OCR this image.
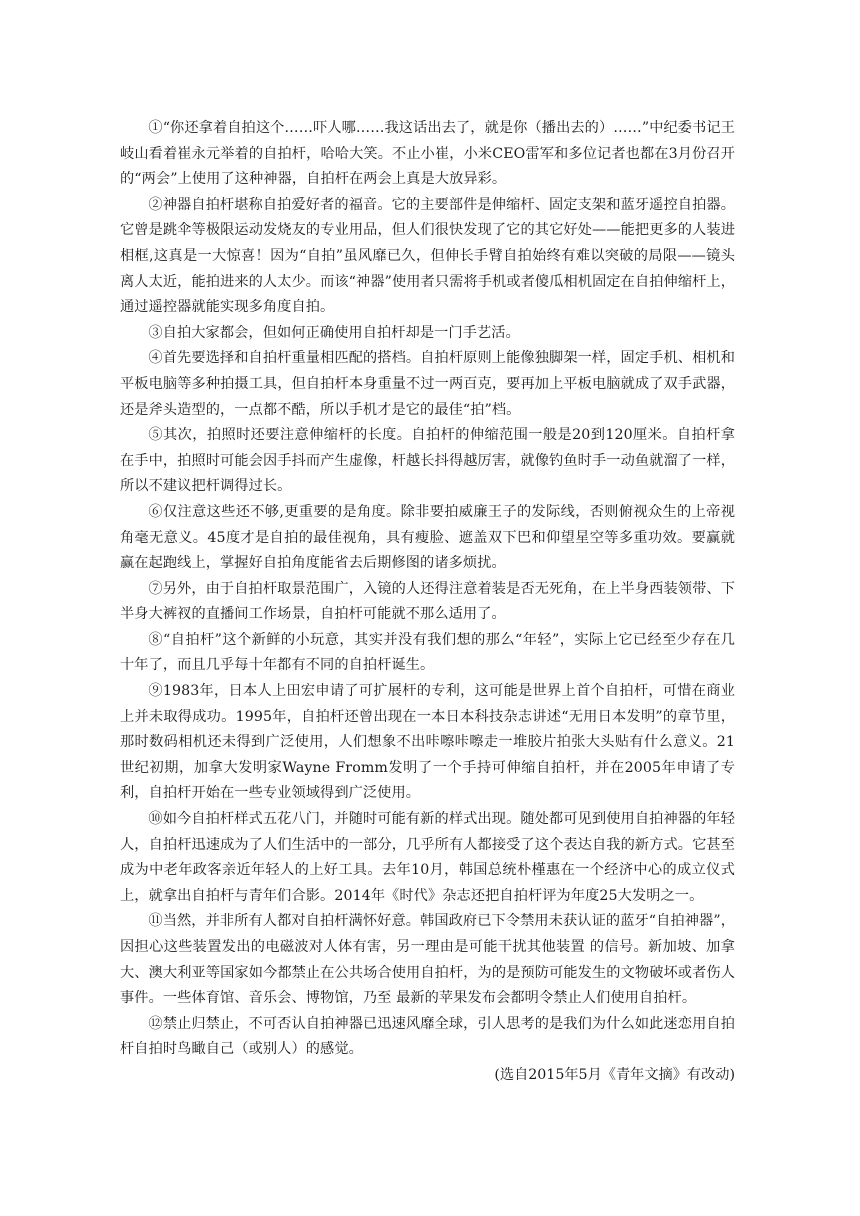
①“你还拿着自拍这个……吓人哪……我这话出去了，就是你（播出去的）……”中纪委书记王岐山看着崔永元举着的自拍杆，哈哈大笑。不止小崔，小米CEO雷军和多位记者也都在3月份召开的“两会”上使用了这种神器，自拍杆在两会上真是大放异彩。

②神器自拍杆堪称自拍爱好者的福音。它的主要部件是伸缩杆、固定支架和蓝牙遥控自拍器。它曾是跳伞等极限运动发烧友的专业用品，但人们很快发现了它的其它好处——能把更多的人装进相框,这真是一大惊喜！因为“自拍”虽风靡已久，但伸长手臂自拍始终有难以突破的局限——镜头离人太近，能拍进来的人太少。而该“神器”使用者只需将手机或者傻瓜相机固定在自拍伸缩杆上，通过遥控器就能实现多角度自拍。

③自拍大家都会，但如何正确使用自拍杆却是一门手艺活。

④首先要选择和自拍杆重量相匹配的搭档。自拍杆原则上能像独脚架一样，固定手机、相机和平板电脑等多种拍摄工具，但自拍杆本身重量不过一两百克，要再加上平板电脑就成了双手武器，还是斧头造型的，一点都不酷，所以手机才是它的最佳“拍”档。

⑤其次，拍照时还要注意伸缩杆的长度。自拍杆的伸缩范围一般是20到120厘米。自拍杆拿在手中，拍照时可能会因手抖而产生虚像，杆越长抖得越厉害，就像钓鱼时手一动鱼就溜了一样，所以不建议把杆调得过长。

⑥仅注意这些还不够,更重要的是角度。除非要拍威廉王子的发际线，否则俯视众生的上帝视角毫无意义。45度才是自拍的最佳视角，具有瘦脸、遮盖双下巴和仰望星空等多重功效。要赢就赢在起跑线上，掌握好自拍角度能省去后期修图的诸多烦扰。

⑦另外，由于自拍杆取景范围广，入镜的人还得注意着装是否无死角，在上半身西装领带、下半身大裤衩的直播间工作场景，自拍杆可能就不那么适用了。

⑧“自拍杆”这个新鲜的小玩意，其实并没有我们想的那么“年轻”，实际上它已经至少存在几十年了，而且几乎每十年都有不同的自拍杆诞生。

⑨1983年，日本人上田宏申请了可扩展杆的专利，这可能是世界上首个自拍杆，可惜在商业上并未取得成功。1995年，自拍杆还曾出现在一本日本科技杂志讲述“无用日本发明”的章节里，那时数码相机还未得到广泛使用，人们想象不出咔嚓咔嚓走一堆胶片拍张大头贴有什么意义。21世纪初期，加拿大发明家Wayne Fromm发明了一个手持可伸缩自拍杆，并在2005年申请了专利，自拍杆开始在一些专业领域得到广泛使用。

⑩如今自拍杆样式五花八门，并随时可能有新的样式出现。随处都可见到使用自拍神器的年轻人，自拍杆迅速成为了人们生活中的一部分，几乎所有人都接受了这个表达自我的新方式。它甚至成为中老年政客亲近年轻人的上好工具。去年10月，韩国总统朴槿惠在一个经济中心的成立仪式上，就拿出自拍杆与青年们合影。2014年《时代》杂志还把自拍杆评为年度25大发明之一。

⑪当然，并非所有人都对自拍杆满怀好意。韩国政府已下令禁用未获认证的蓝牙“自拍神器”，因担心这些装置发出的电磁波对人体有害，另一理由是可能干扰其他装置 的信号。新加坡、加拿大、澳大利亚等国家如今都禁止在公共场合使用自拍杆，为的是预防可能发生的文物破坏或者伤人事件。一些体育馆、音乐会、博物馆，乃至 最新的苹果发布会都明令禁止人们使用自拍杆。

⑫禁止归禁止，不可否认自拍神器已迅速风靡全球，引人思考的是我们为什么如此迷恋用自拍杆自拍时鸟瞰自己（或别人）的感觉。

(选自2015年5月《青年文摘》有改动)
